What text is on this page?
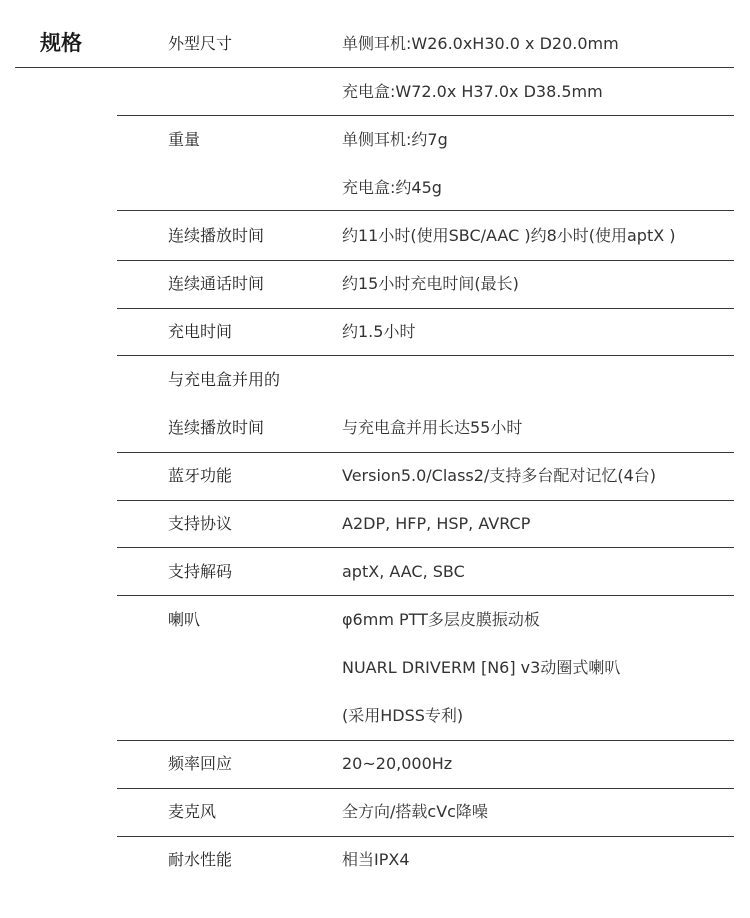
规格	外型尺寸	单侧耳机:W26.0xH30.0 x D20.0mm
充电盒:W72.0x H37.0x D38.5mm
重量	单侧耳机:约7g
充电盒:约45g
连续播放时间	约11小时(使用SBC/AAC )约8小时(使用aptX )
连续通话时间	约15小时充电时间(最长)
充电时间	约1.5小时
与充电盒并用的
连续播放时间	与充电盒并用长达55小时
蓝牙功能	Version5.0/Class2/支持多台配对记忆(4台)
支持协议	A2DP, HFP, HSP, AVRCP
支持解码	aptX, AAC, SBC
喇叭	φ6mm PTT多层皮膜振动板
NUARL DRIVERM [N6] v3动圈式喇叭
(采用HDSS专利)
频率回应	20~20,000Hz
麦克风	全方向/搭载cVc降噪
耐水性能	相当IPX4
